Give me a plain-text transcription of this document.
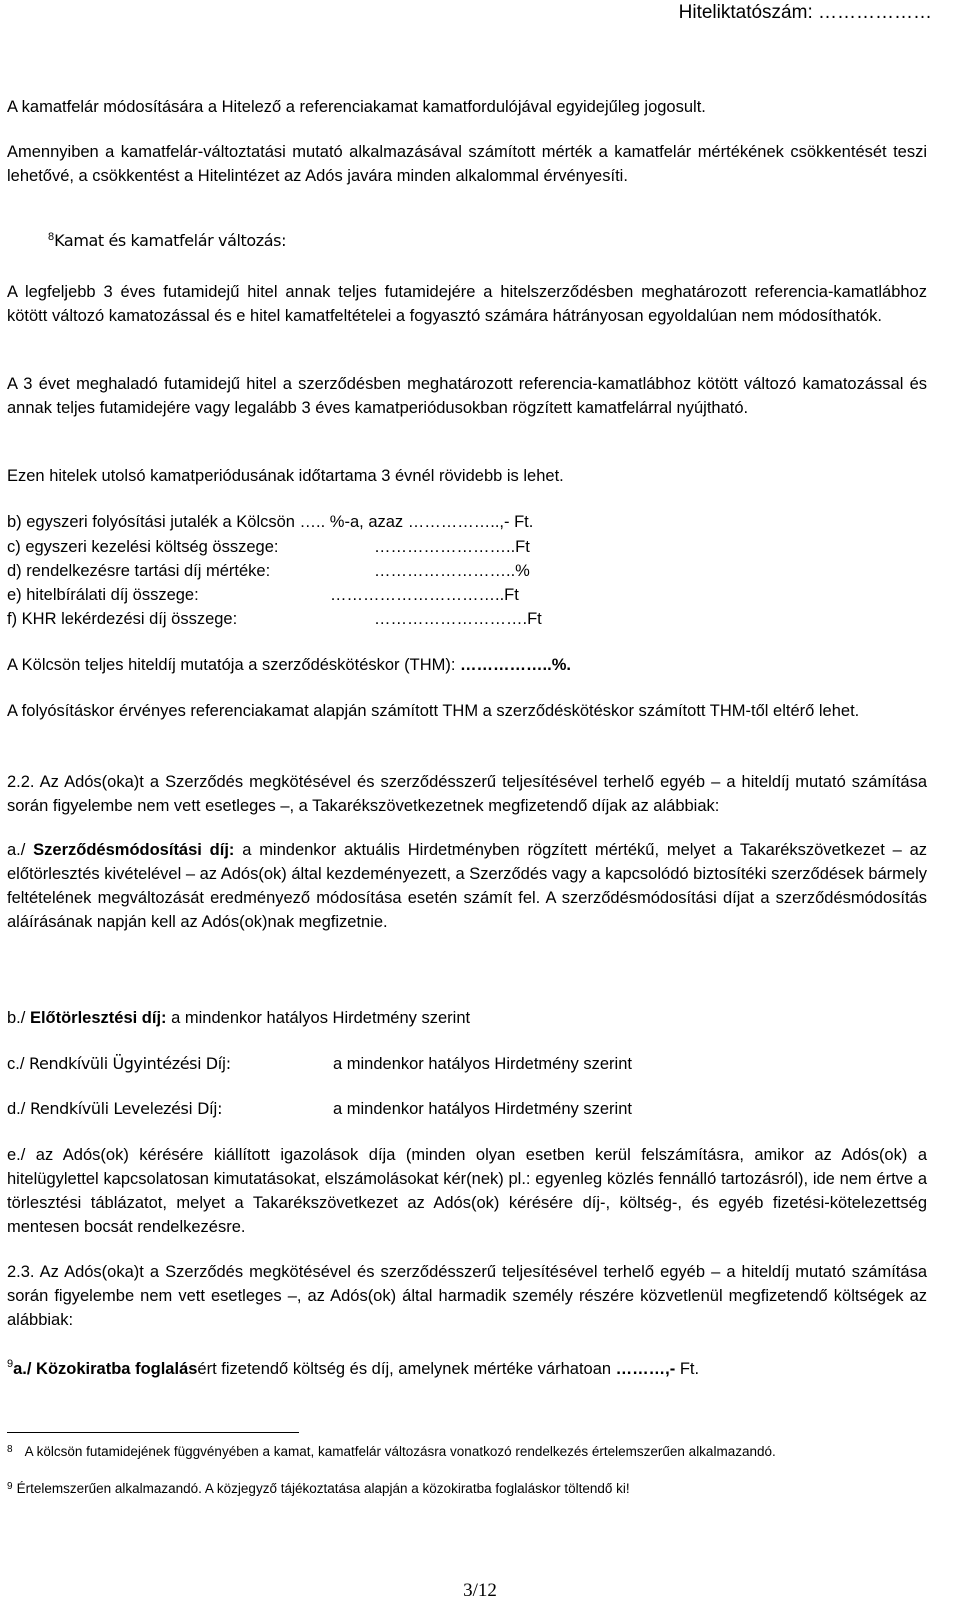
Hiteliktatószám: ………………
A kamatfelár módosítására a Hitelező a referenciakamat kamatfordulójával egyidejűleg jogosult.
Amennyiben a kamatfelár-változtatási mutató alkalmazásával számított mérték a kamatfelár mértékének csökkentését teszi lehetővé, a csökkentést a Hitelintézet az Adós javára minden alkalommal érvényesíti.
$^8$Kamat és kamatfelár változás:
A legfeljebb 3 éves futamidejű hitel annak teljes futamidejére a hitelszerződésben meghatározott referencia-kamatlábhoz kötött változó kamatozással és e hitel kamatfeltételei a fogyasztó számára hátrányosan egyoldalúan nem módosíthatók.
A 3 évet meghaladó futamidejű hitel a szerződésben meghatározott referencia-kamatlábhoz kötött változó kamatozással és annak teljes futamidejére vagy legalább 3 éves kamatperiódusokban rögzített kamatfelárral nyújtható.
Ezen hitelek utolsó kamatperiódusának időtartama 3 évnél rövidebb is lehet.
b) egyszeri folyósítási jutalék a Kölcsön ….. %-a, azaz ……………..,- Ft.
c) egyszeri kezelési költség összege:	……………………..Ft
d) rendelkezésre tartási díj mértéke:	……………………..%
e) hitelbírálati díj összege:	…………………………..Ft
f) KHR lekérdezési díj összege:	……………………….Ft
A Kölcsön teljes hiteldíj mutatója a szerződéskötéskor (THM): ……………..%.
A folyósításkor érvényes referenciakamat alapján számított THM a szerződéskötéskor számított THM-től eltérő lehet.
2.2. Az Adós(oka)t a Szerződés megkötésével és szerződésszerű teljesítésével terhelő egyéb – a hiteldíj mutató számítása során figyelembe nem vett esetleges –, a Takarékszövetkezetnek megfizetendő díjak az alábbiak:
a./ Szerződésmódosítási díj: a mindenkor aktuális Hirdetményben rögzített mértékű, melyet a Takarékszövetkezet – az előtörlesztés kivételével – az Adós(ok) által kezdeményezett, a Szerződés vagy a kapcsolódó biztosítéki szerződések bármely feltételének megváltozását eredményező módosítása esetén számít fel. A szerződésmódosítási díjat a szerződésmódosítás aláírásának napján kell az Adós(ok)nak megfizetnie.
b./ Előtörlesztési díj: a mindenkor hatályos Hirdetmény szerint
c./ Rendkívüli Ügyintézési Díj:	a mindenkor hatályos Hirdetmény szerint
d./ Rendkívüli Levelezési Díj:	a mindenkor hatályos Hirdetmény szerint
e./ az Adós(ok) kérésére kiállított igazolások díja (minden olyan esetben kerül felszámításra, amikor az Adós(ok) a hitelügylettel kapcsolatosan kimutatásokat, elszámolásokat kér(nek) pl.: egyenleg közlés fennálló tartozásról), ide nem értve a törlesztési táblázatot, melyet a Takarékszövetkezet az Adós(ok) kérésére díj-, költség-, és egyéb fizetési-kötelezettség mentesen bocsát rendelkezésre.
2.3. Az Adós(oka)t a Szerződés megkötésével és szerződésszerű teljesítésével terhelő egyéb – a hiteldíj mutató számítása során figyelembe nem vett esetleges –, az Adós(ok) által harmadik személy részére közvetlenül megfizetendő költségek az alábbiak:
$^9$a./ Közokiratba foglalásért fizetendő költség és díj, amelynek mértéke várhatoan ………,- Ft.
$^8$ A kölcsön futamidejének függvényében a kamat, kamatfelár változásra vonatkozó rendelkezés értelemszerűen alkalmazandó.
$^9$ Értelemszerűen alkalmazandó. A közjegyző tájékoztatása alapján a közokiratba foglaláskor töltendő ki!
3/12
